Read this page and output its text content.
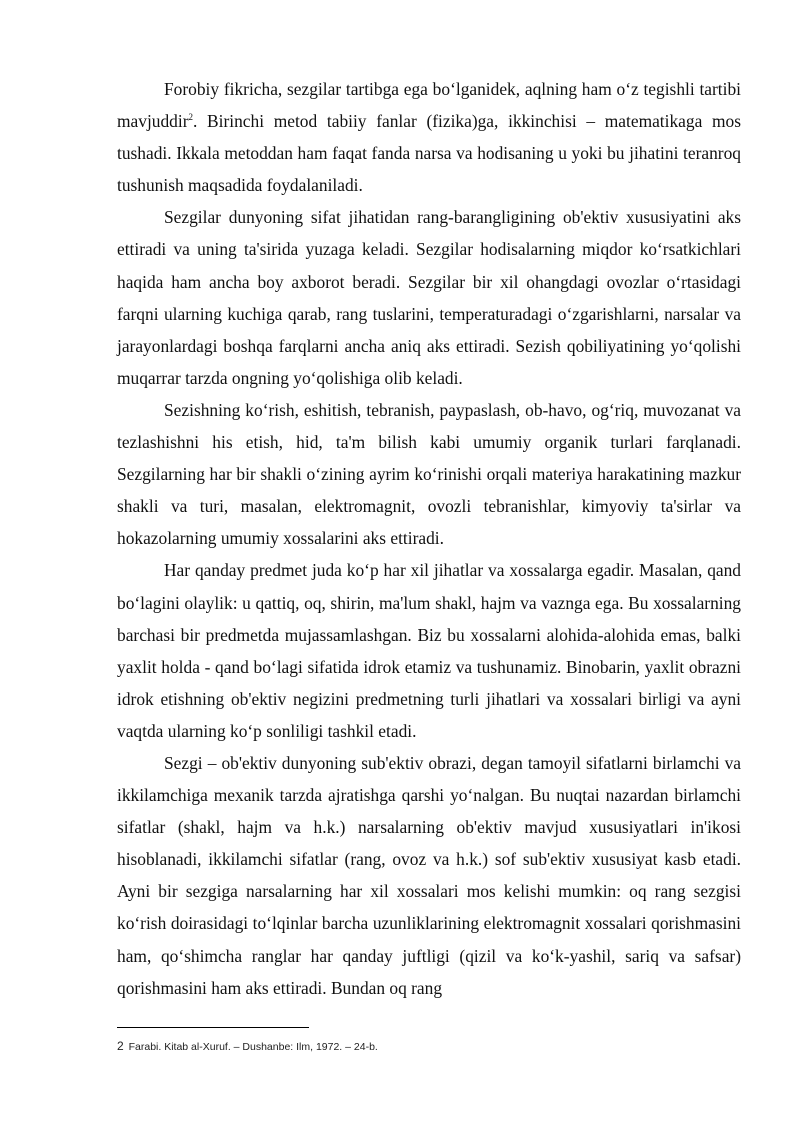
Forobiy fikricha, sezgilar tartibga ega boʻlganidek, aqlning ham oʻz tegishli tartibi mavjuddir$^2$. Birinchi metod tabiiy fanlar (fizika)ga, ikkinchisi – matematikaga mos tushadi. Ikkala metoddan ham faqat fanda narsa va hodisaning u yoki bu jihatini teranroq tushunish maqsadida foydalaniladi.

Sezgilar dunyoning sifat jihatidan rang-barangligining ob'ektiv xususiyatini aks ettiradi va uning ta'sirida yuzaga keladi. Sezgilar hodisalarning miqdor koʻrsatkichlari haqida ham ancha boy axborot beradi. Sezgilar bir xil ohangdagi ovozlar oʻrtasidagi farqni ularning kuchiga qarab, rang tuslarini, temperaturadagi oʻzgarishlarni, narsalar va jarayonlardagi boshqa farqlarni ancha aniq aks ettiradi. Sezish qobiliyatining yoʻqolishi muqarrar tarzda ongning yoʻqolishiga olib keladi.

Sezishning koʻrish, eshitish, tebranish, paypaslash, ob-havo, ogʻriq, muvozanat va tezlashishni his etish, hid, ta'm bilish kabi umumiy organik turlari farqlanadi. Sezgilarning har bir shakli oʻzining ayrim koʻrinishi orqali materiya harakatining mazkur shakli va turi, masalan, elektromagnit, ovozli tebranishlar, kimyoviy ta'sirlar va hokazolarning umumiy xossalarini aks ettiradi.

Har qanday predmet juda koʻp har xil jihatlar va xossalarga egadir. Masalan, qand boʻlagini olaylik: u qattiq, oq, shirin, ma'lum shakl, hajm va vaznga ega. Bu xossalarning barchasi bir predmetda mujassamlashgan. Biz bu xossalarni alohida-alohida emas, balki yaxlit holda - qand boʻlagi sifatida idrok etamiz va tushunamiz. Binobarin, yaxlit obrazni idrok etishning ob'ektiv negizini predmetning turli jihatlari va xossalari birligi va ayni vaqtda ularning koʻp sonliligi tashkil etadi.

Sezgi – ob'ektiv dunyoning sub'ektiv obrazi, degan tamoyil sifatlarni birlamchi va ikkilamchiga mexanik tarzda ajratishga qarshi yoʻnalgan. Bu nuqtai nazardan birlamchi sifatlar (shakl, hajm va h.k.) narsalarning ob'ektiv mavjud xususiyatlari in'ikosi hisoblanadi, ikkilamchi sifatlar (rang, ovoz va h.k.) sof sub'ektiv xususiyat kasb etadi. Ayni bir sezgiga narsalarning har xil xossalari mos kelishi mumkin: oq rang sezgisi koʻrish doirasidagi toʻlqinlar barcha uzunliklarining elektromagnit xossalari qorishmasini ham, qoʻshimcha ranglar har qanday juftligi (qizil va koʻk-yashil, sariq va safsar) qorishmasini ham aks ettiradi. Bundan oq rang

2 Farabi. Kitab al-Xuruf. – Dushanbe: Ilm, 1972. – 24-b.
